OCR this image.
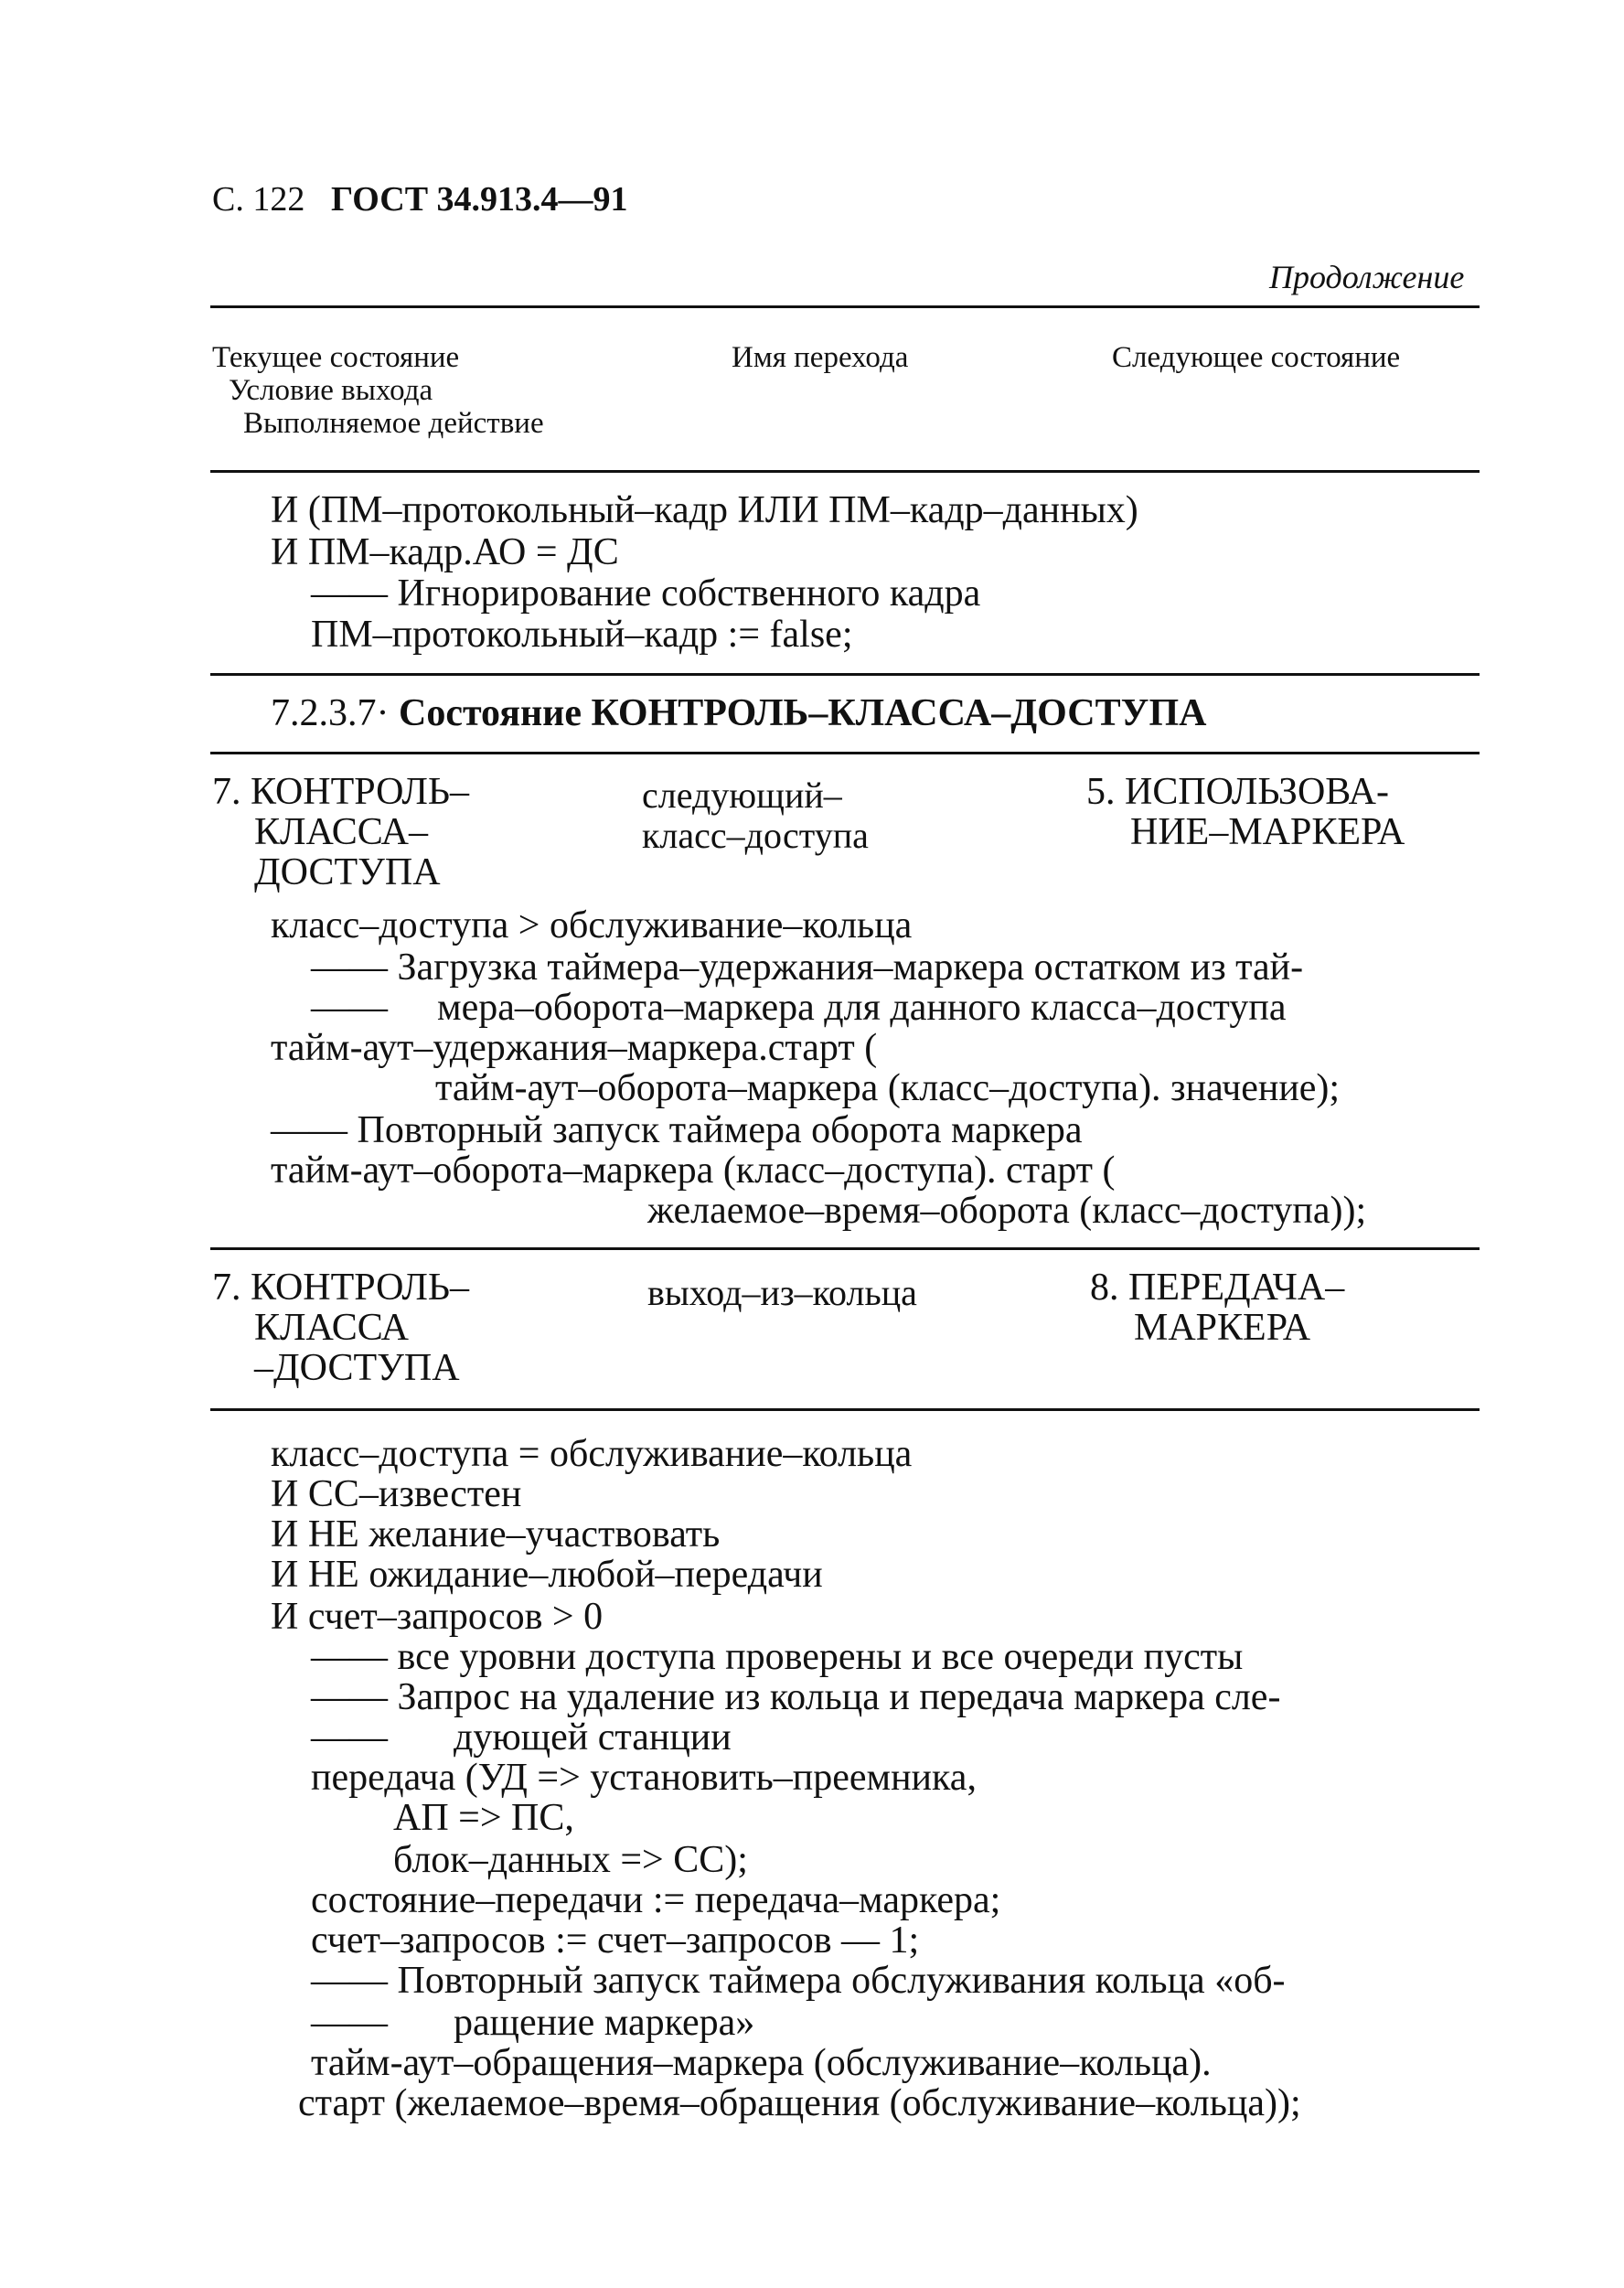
С. 122 ГОСТ 34.913.4—91
Продолжение
Текущее состояние
Условие выхода
Выполняемое действие
Имя перехода	Следующее состояние
И (ПМ–протокольный–кадр ИЛИ ПМ–кадр–данных)
И ПМ–кадр.АО = ДС
—— Игнорирование собственного кадра
ПМ–протокольный–кадр := false;
7.2.3.7· Состояние КОНТРОЛЬ–КЛАССА–ДОСТУПА
7. КОНТРОЛЬ–
КЛАССА–
ДОСТУПА
следующий–
класс–доступа
5. ИСПОЛЬЗОВА-
НИЕ–МАРКЕРА
класс–доступа > обслуживание–кольца
—— Загрузка таймера–удержания–маркера остатком из тай-
—— мера–оборота–маркера для данного класса–доступа
тайм-аут–удержания–маркера.старт (
тайм-аут–оборота–маркера (класс–доступа). значение);
—— Повторный запуск таймера оборота маркера
тайм-аут–оборота–маркера (класс–доступа). старт (
желаемое–время–оборота (класс–доступа));
7. КОНТРОЛЬ–
КЛАССА
–ДОСТУПА
выход–из–кольца	8. ПЕРЕДАЧА–
МАРКЕРА
класс–доступа = обслуживание–кольца
И СС–известен
И НЕ желание–участвовать
И НЕ ожидание–любой–передачи
И счет–запросов > 0
—— все уровни доступа проверены и все очереди пусты
—— Запрос на удаление из кольца и передача маркера сле-
—— дующей станции
передача (УД => установить–преемника,
АП => ПС,
блок–данных => СС);
состояние–передачи := передача–маркера;
счет–запросов := счет–запросов — 1;
—— Повторный запуск таймера обслуживания кольца «об-
—— ращение маркера»
тайм-аут–обращения–маркера (обслуживание–кольца).
старт (желаемое–время–обращения (обслуживание–кольца));
